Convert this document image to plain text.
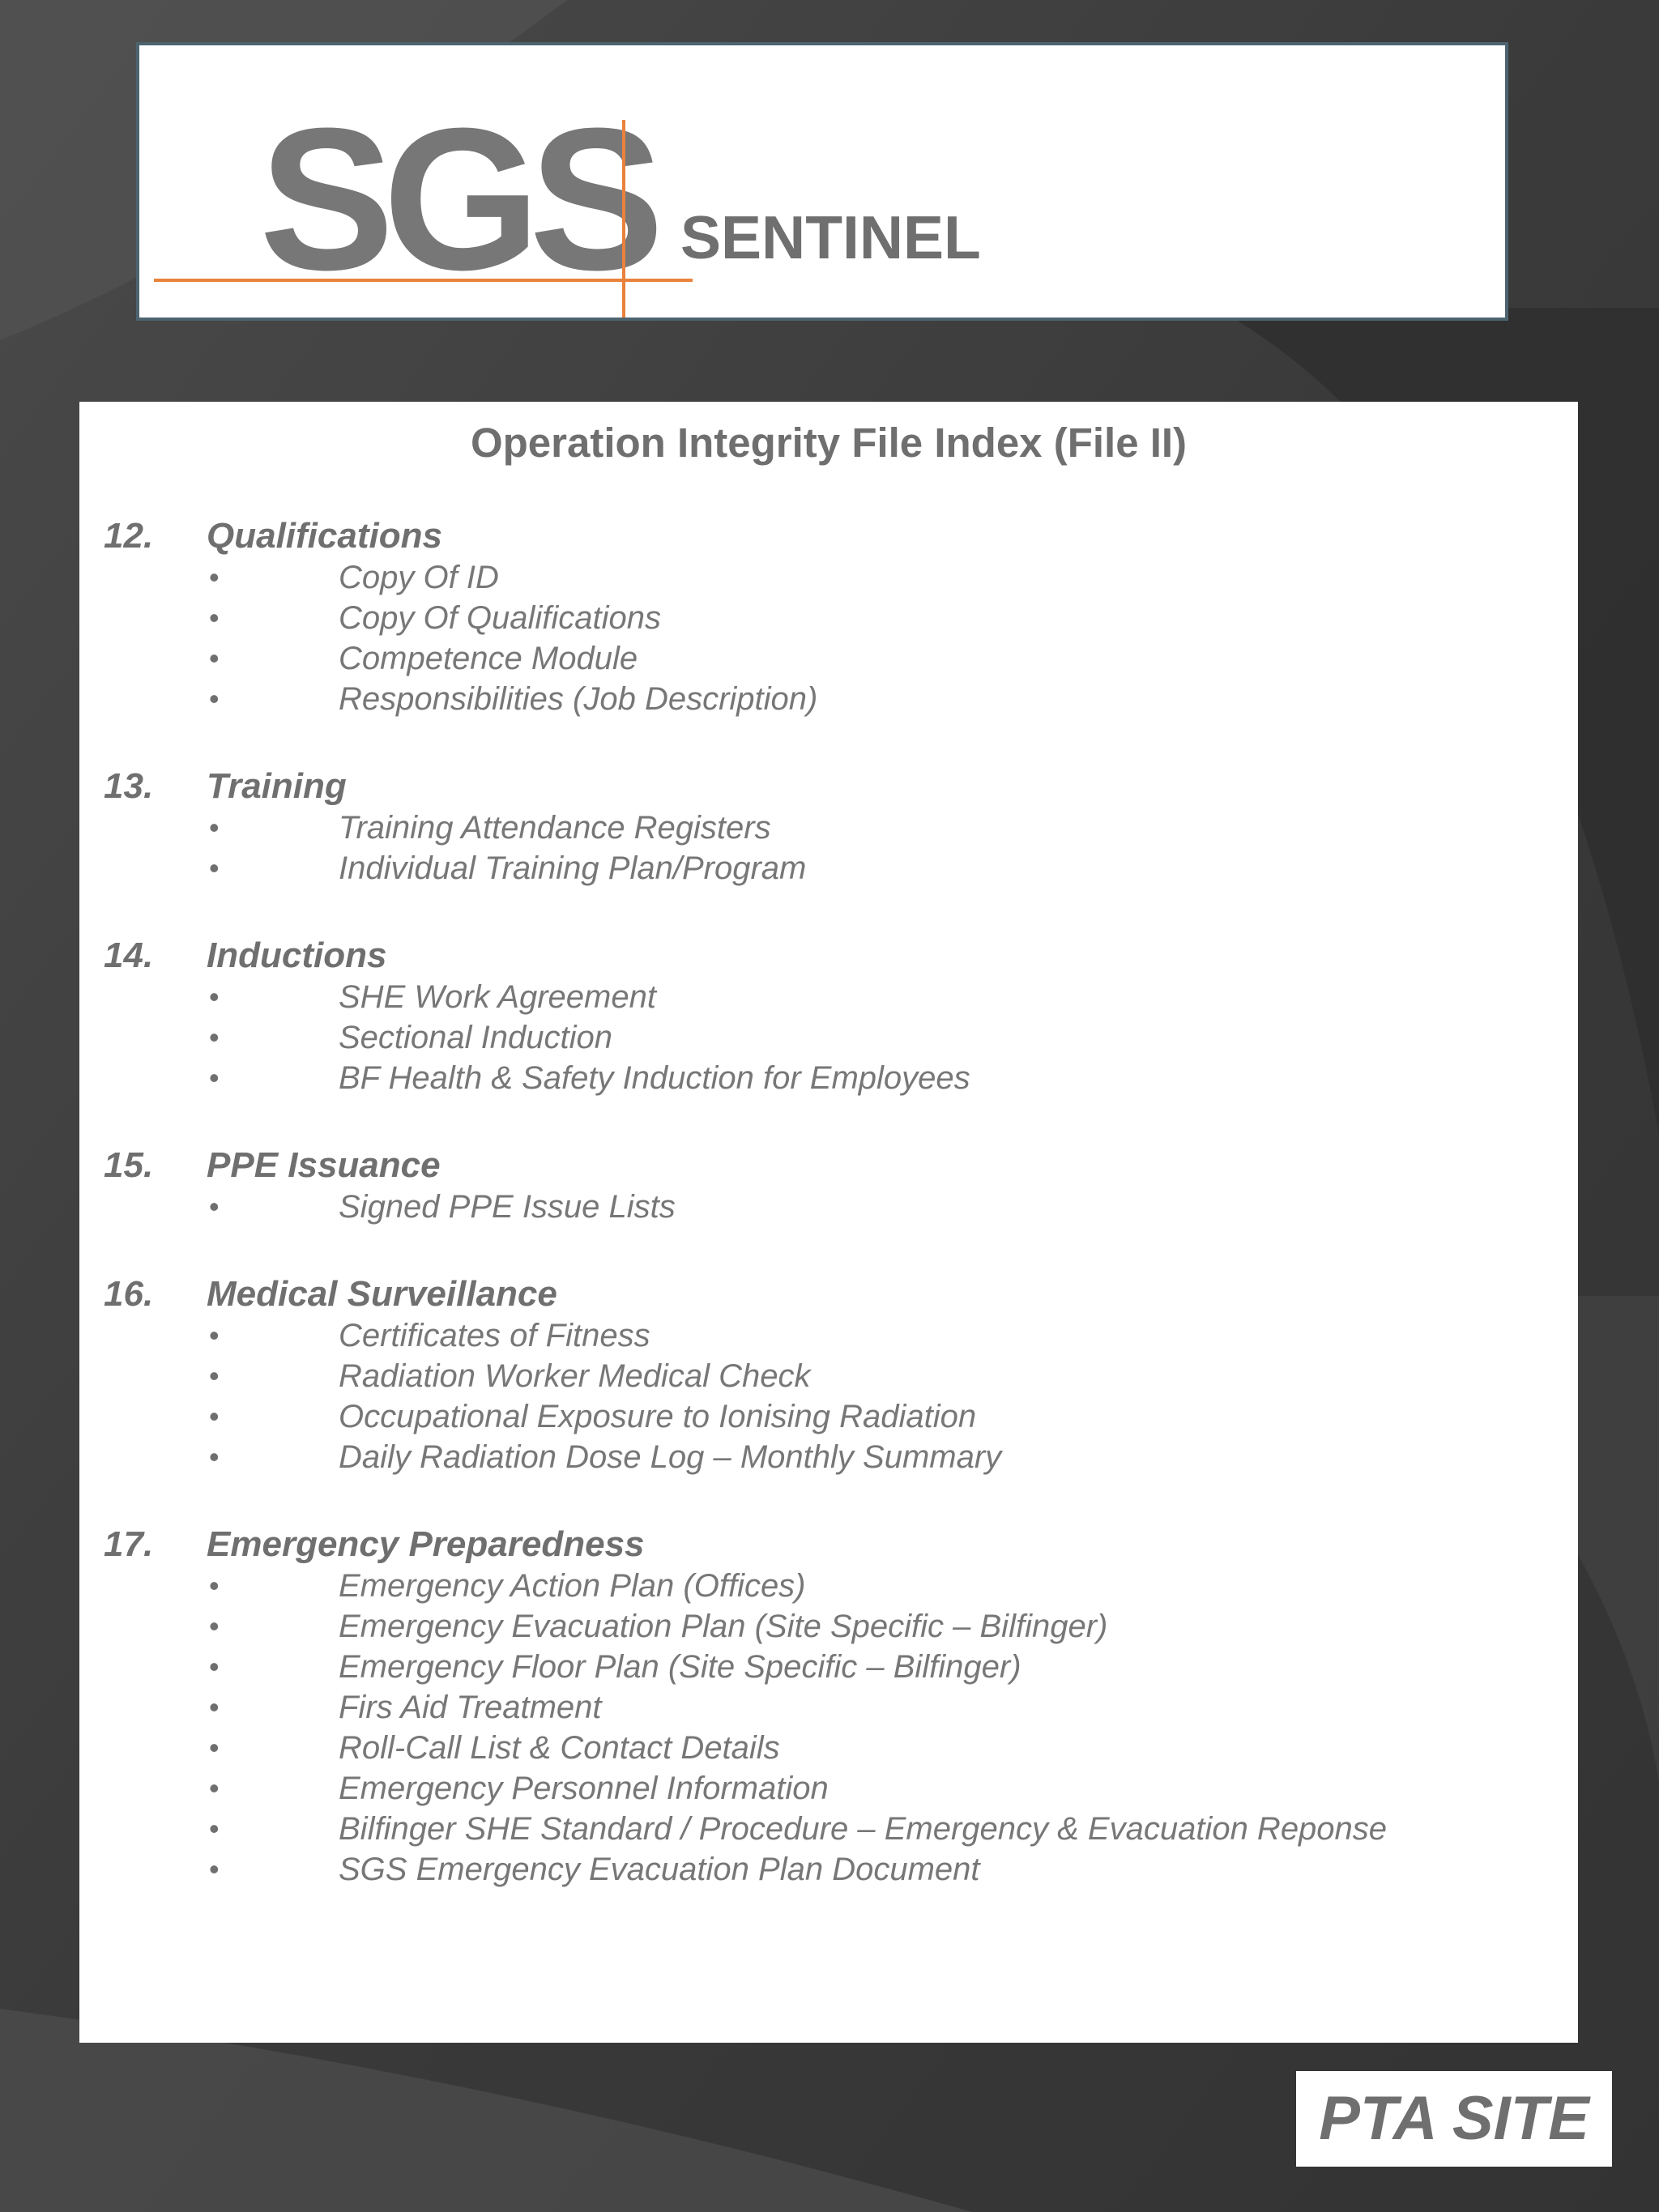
SGS SENTINEL
Operation Integrity File Index (File II)
12. Qualifications
•	Copy Of ID
•	Copy Of Qualifications
•	Competence Module
•	Responsibilities (Job Description)
13. Training
•	Training Attendance Registers
•	Individual Training Plan/Program
14. Inductions
•	SHE Work Agreement
•	Sectional Induction
•	BF Health & Safety Induction for Employees
15. PPE Issuance
•	Signed PPE Issue Lists
16. Medical Surveillance
•	Certificates of Fitness
•	Radiation Worker Medical Check
•	Occupational Exposure to Ionising Radiation
•	Daily Radiation Dose Log – Monthly Summary
17. Emergency Preparedness
•	Emergency Action Plan (Offices)
•	Emergency Evacuation Plan (Site Specific – Bilfinger)
•	Emergency Floor Plan (Site Specific – Bilfinger)
•	Firs Aid Treatment
•	Roll-Call List & Contact Details
•	Emergency Personnel Information
•	Bilfinger SHE Standard / Procedure – Emergency & Evacuation Reponse
•	SGS Emergency Evacuation Plan Document
PTA SITE
